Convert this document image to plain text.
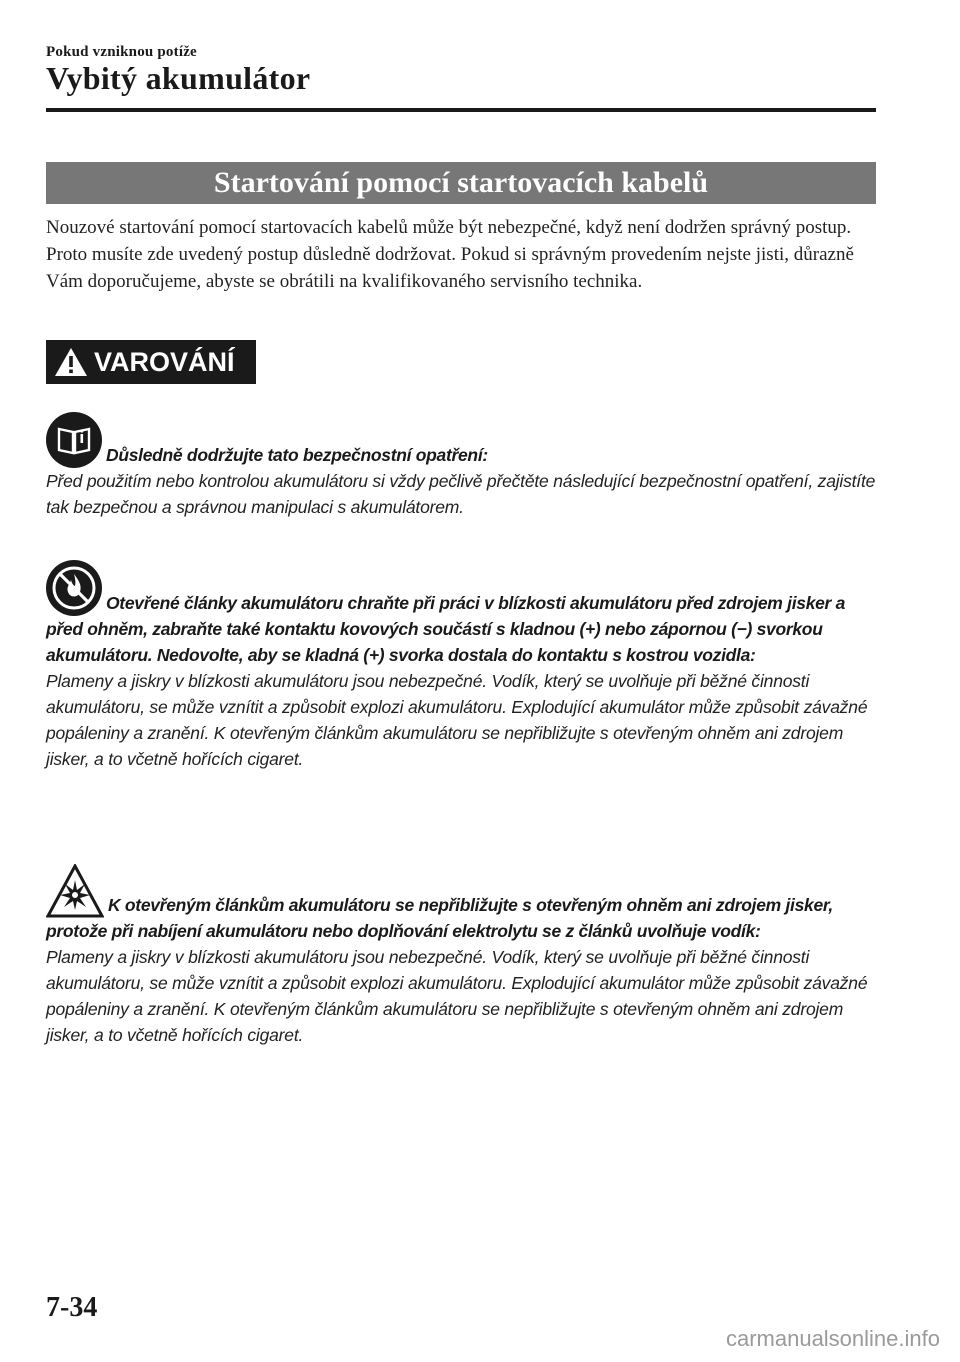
Pokud vzniknou potíže
Vybitý akumulátor
Startování pomocí startovacích kabelů
Nouzové startování pomocí startovacích kabelů může být nebezpečné, když není dodržen správný postup. Proto musíte zde uvedený postup důsledně dodržovat. Pokud si správným provedením nejste jisti, důrazně Vám doporučujeme, abyste se obrátili na kvalifikovaného servisního technika.
VAROVÁNÍ
Důsledně dodržujte tato bezpečnostní opatření:
Před použitím nebo kontrolou akumulátoru si vždy pečlivě přečtěte následující bezpečnostní opatření, zajistíte tak bezpečnou a správnou manipulaci s akumulátorem.
Otevřené články akumulátoru chraňte při práci v blízkosti akumulátoru před zdrojem jisker a před ohněm, zabraňte také kontaktu kovových součástí s kladnou (+) nebo zápornou (−) svorkou akumulátoru. Nedovolte, aby se kladná (+) svorka dostala do kontaktu s kostrou vozidla:
Plameny a jiskry v blízkosti akumulátoru jsou nebezpečné. Vodík, který se uvolňuje při běžné činnosti akumulátoru, se může vznítit a způsobit explozi akumulátoru. Explodující akumulátor může způsobit závažné popáleniny a zranění. K otevřeným článkům akumulátoru se nepřibližujte s otevřeným ohněm ani zdrojem jisker, a to včetně hořících cigaret.
K otevřeným článkům akumulátoru se nepřibližujte s otevřeným ohněm ani zdrojem jisker, protože při nabíjení akumulátoru nebo doplňování elektrolytu se z článků uvolňuje vodík:
Plameny a jiskry v blízkosti akumulátoru jsou nebezpečné. Vodík, který se uvolňuje při běžné činnosti akumulátoru, se může vznítit a způsobit explozi akumulátoru. Explodující akumulátor může způsobit závažné popáleniny a zranění. K otevřeným článkům akumulátoru se nepřibližujte s otevřeným ohněm ani zdrojem jisker, a to včetně hořících cigaret.
7-34
carmanualsonline.info
